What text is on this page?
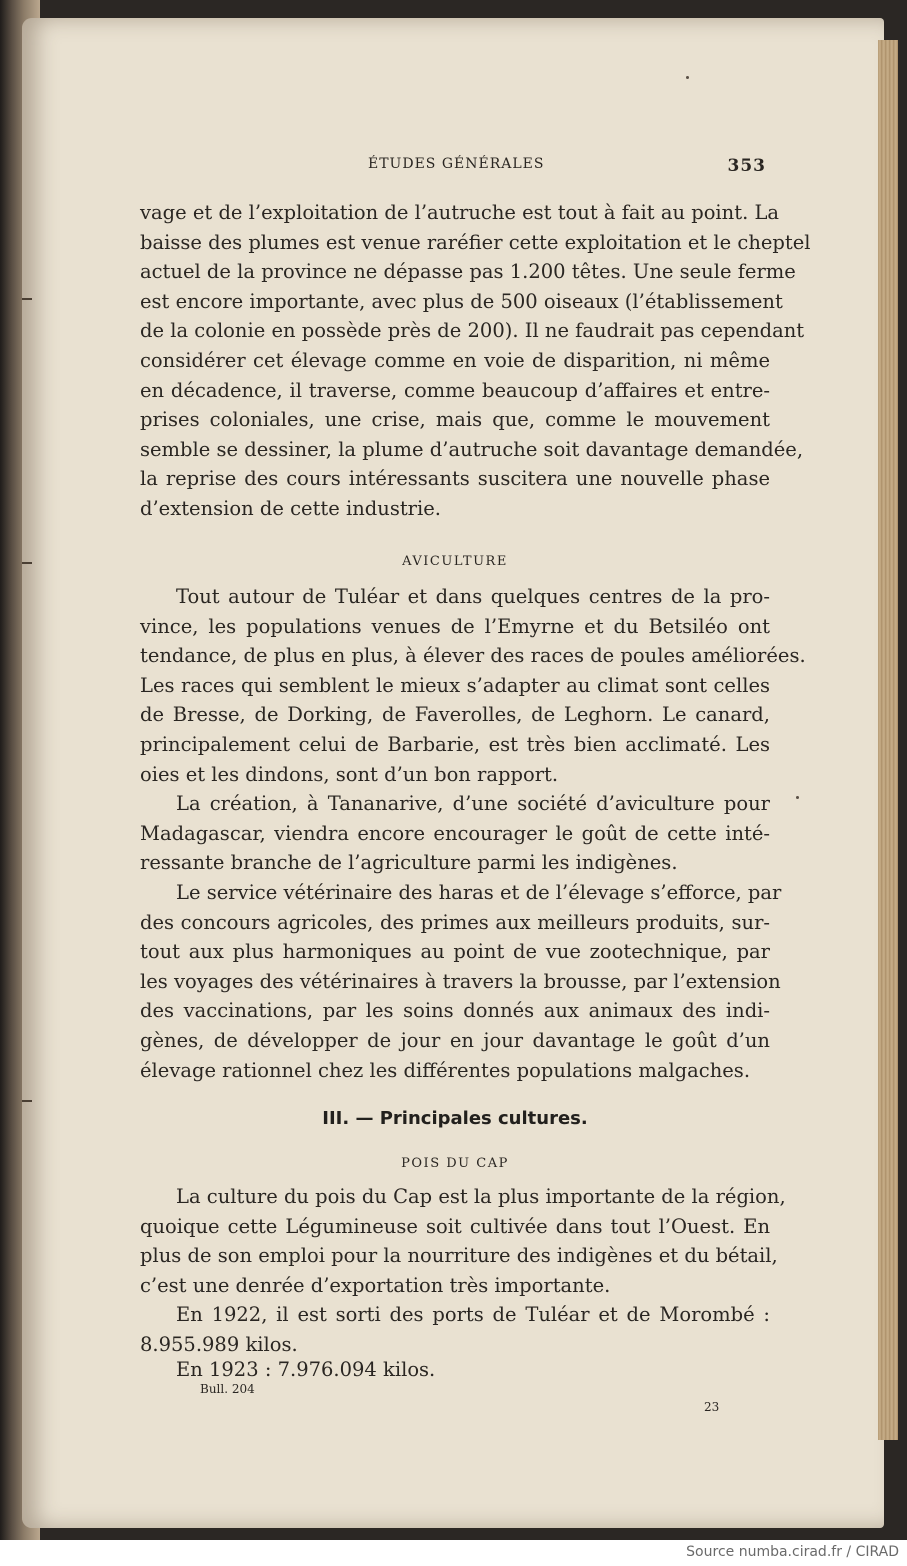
ÉTUDES GÉNÉRALES	353
vage et de l’exploitation de l’autruche est tout à fait au point. La
baisse des plumes est venue raréfier cette exploitation et le cheptel
actuel de la province ne dépasse pas 1.200 têtes. Une seule ferme
est encore importante, avec plus de 500 oiseaux (l’établissement
de la colonie en possède près de 200). Il ne faudrait pas cependant
considérer cet élevage comme en voie de disparition, ni même
en décadence, il traverse, comme beaucoup d’affaires et entre-
prises coloniales, une crise, mais que, comme le mouvement
semble se dessiner, la plume d’autruche soit davantage demandée,
la reprise des cours intéressants suscitera une nouvelle phase
d’extension de cette industrie.
AVICULTURE
Tout autour de Tuléar et dans quelques centres de la pro-
vince, les populations venues de l’Emyrne et du Betsiléo ont
tendance, de plus en plus, à élever des races de poules améliorées.
Les races qui semblent le mieux s’adapter au climat sont celles
de Bresse, de Dorking, de Faverolles, de Leghorn. Le canard,
principalement celui de Barbarie, est très bien acclimaté. Les
oies et les dindons, sont d’un bon rapport.
La création, à Tananarive, d’une société d’aviculture pour
Madagascar, viendra encore encourager le goût de cette inté-
ressante branche de l’agriculture parmi les indigènes.
Le service vétérinaire des haras et de l’élevage s’efforce, par
des concours agricoles, des primes aux meilleurs produits, sur-
tout aux plus harmoniques au point de vue zootechnique, par
les voyages des vétérinaires à travers la brousse, par l’extension
des vaccinations, par les soins donnés aux animaux des indi-
gènes, de développer de jour en jour davantage le goût d’un
élevage rationnel chez les différentes populations malgaches.
III. — Principales cultures.
POIS DU CAP
La culture du pois du Cap est la plus importante de la région,
quoique cette Légumineuse soit cultivée dans tout l’Ouest. En
plus de son emploi pour la nourriture des indigènes et du bétail,
c’est une denrée d’exportation très importante.
En 1922, il est sorti des ports de Tuléar et de Morombé :
8.955.989 kilos.
En 1923 : 7.976.094 kilos.
Bull. 204
23
Source numba.cirad.fr / CIRAD
